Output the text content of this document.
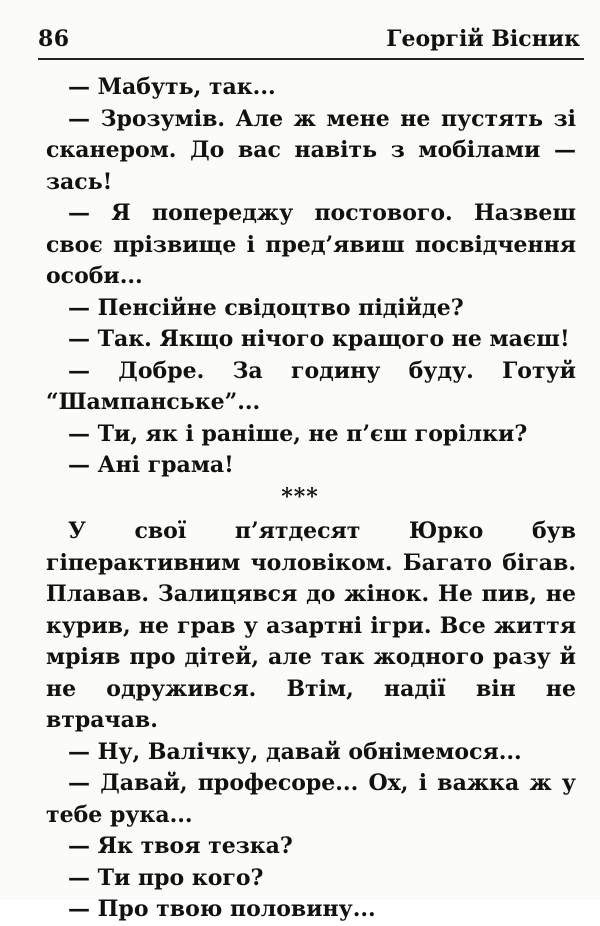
86	Георгій Вісник

— Мабуть, так...

— Зрозумів. Але ж мене не пустять зі сканером. До вас навіть з мобілами — зась!

— Я попереджу постового. Назвеш своє прізвище і пред’явиш посвідчення особи...

— Пенсійне свідоцтво підійде?

— Так. Якщо нічого кращого не маєш!

— Добре. За годину буду. Готуй “Шампанське”...

— Ти, як і раніше, не п’єш горілки?

— Ані грама!

***

У свої п’ятдесят Юрко був гіперактивним чоловіком. Багато бігав. Плавав. Залицявся до жінок. Не пив, не курив, не грав у азартні ігри. Все життя мріяв про дітей, але так жодного разу й не одружився. Втім, надії він не втрачав.

— Ну, Валічку, давай обнімемося...

— Давай, професоре... Ох, і важка ж у тебе рука...

— Як твоя тезка?

— Ти про кого?

— Про твою половину...
